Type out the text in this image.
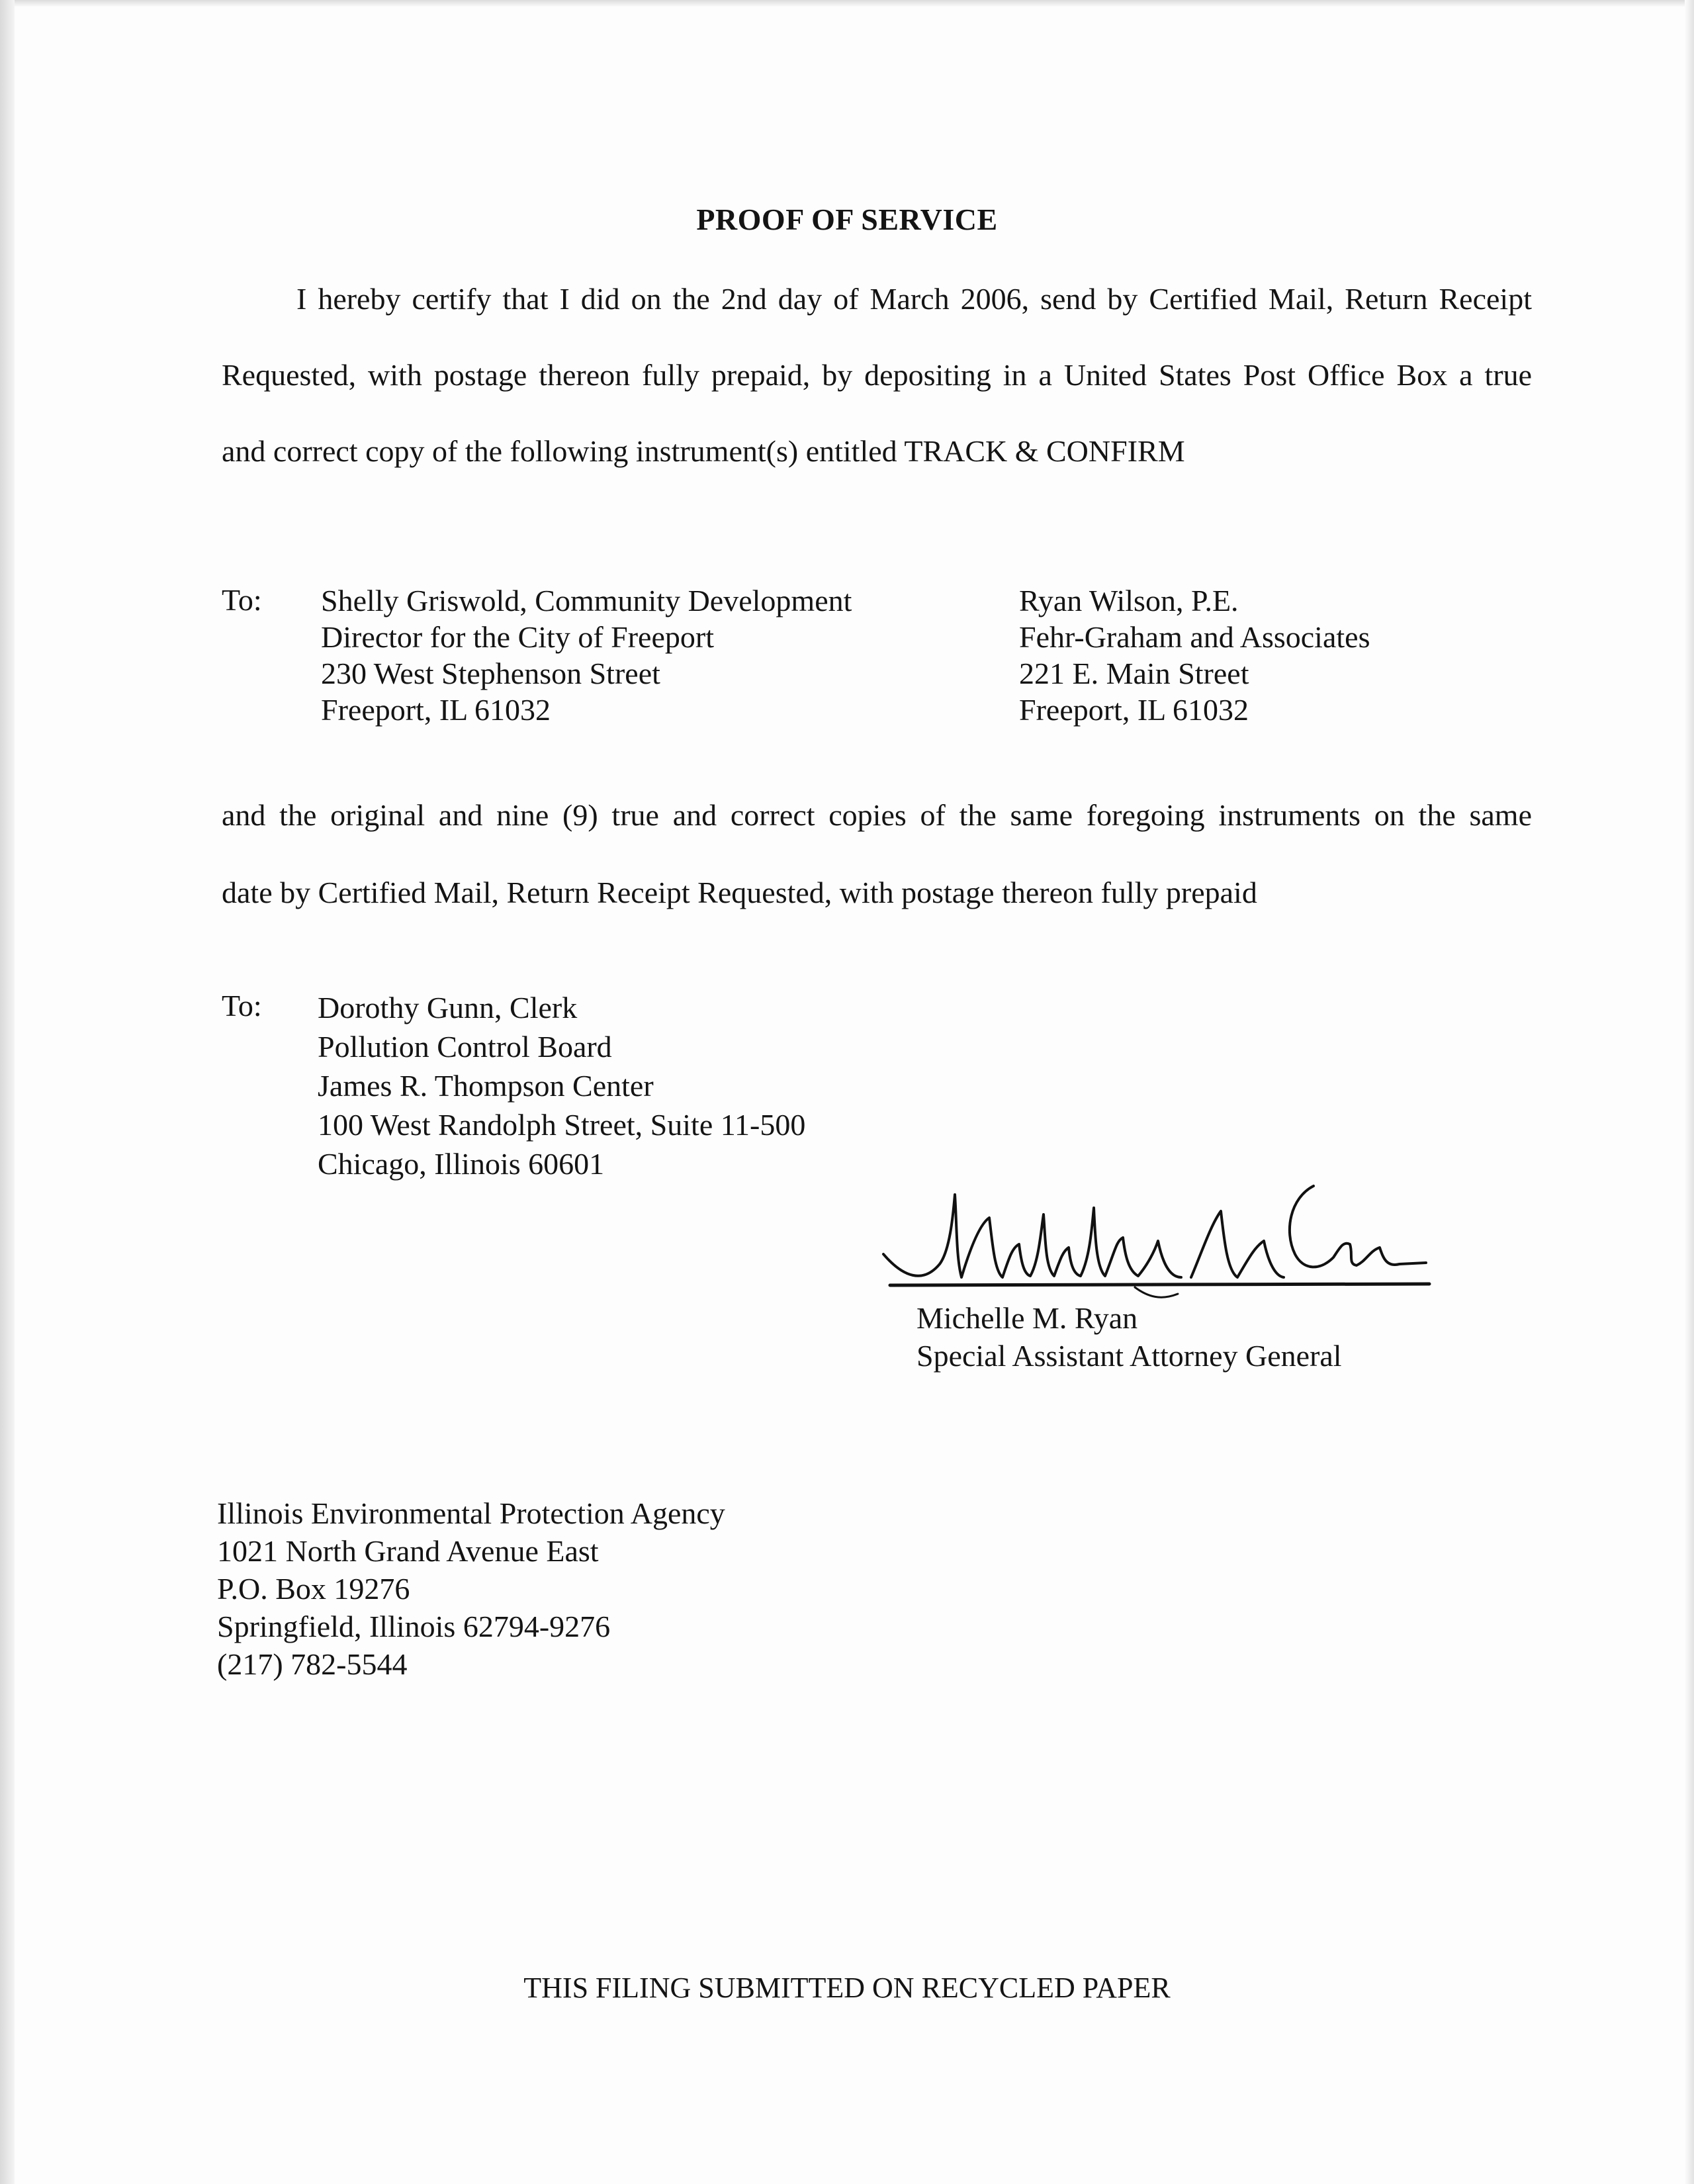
PROOF OF SERVICE
I hereby certify that I did on the 2nd day of March 2006, send by Certified Mail, Return Receipt
Requested, with postage thereon fully prepaid, by depositing in a United States Post Office Box a true
and correct copy of the following instrument(s) entitled TRACK & CONFIRM
To: Shelly Griswold, Community Development
Director for the City of Freeport
230 West Stephenson Street
Freeport, IL 61032
Ryan Wilson, P.E.
Fehr-Graham and Associates
221 E. Main Street
Freeport, IL 61032
and the original and nine (9) true and correct copies of the same foregoing instruments on the same
date by Certified Mail, Return Receipt Requested, with postage thereon fully prepaid
To: Dorothy Gunn, Clerk
Pollution Control Board
James R. Thompson Center
100 West Randolph Street, Suite 11-500
Chicago, Illinois 60601
Michelle M. Ryan
Special Assistant Attorney General
Illinois Environmental Protection Agency
1021 North Grand Avenue East
P.O. Box 19276
Springfield, Illinois 62794-9276
(217) 782-5544
THIS FILING SUBMITTED ON RECYCLED PAPER
